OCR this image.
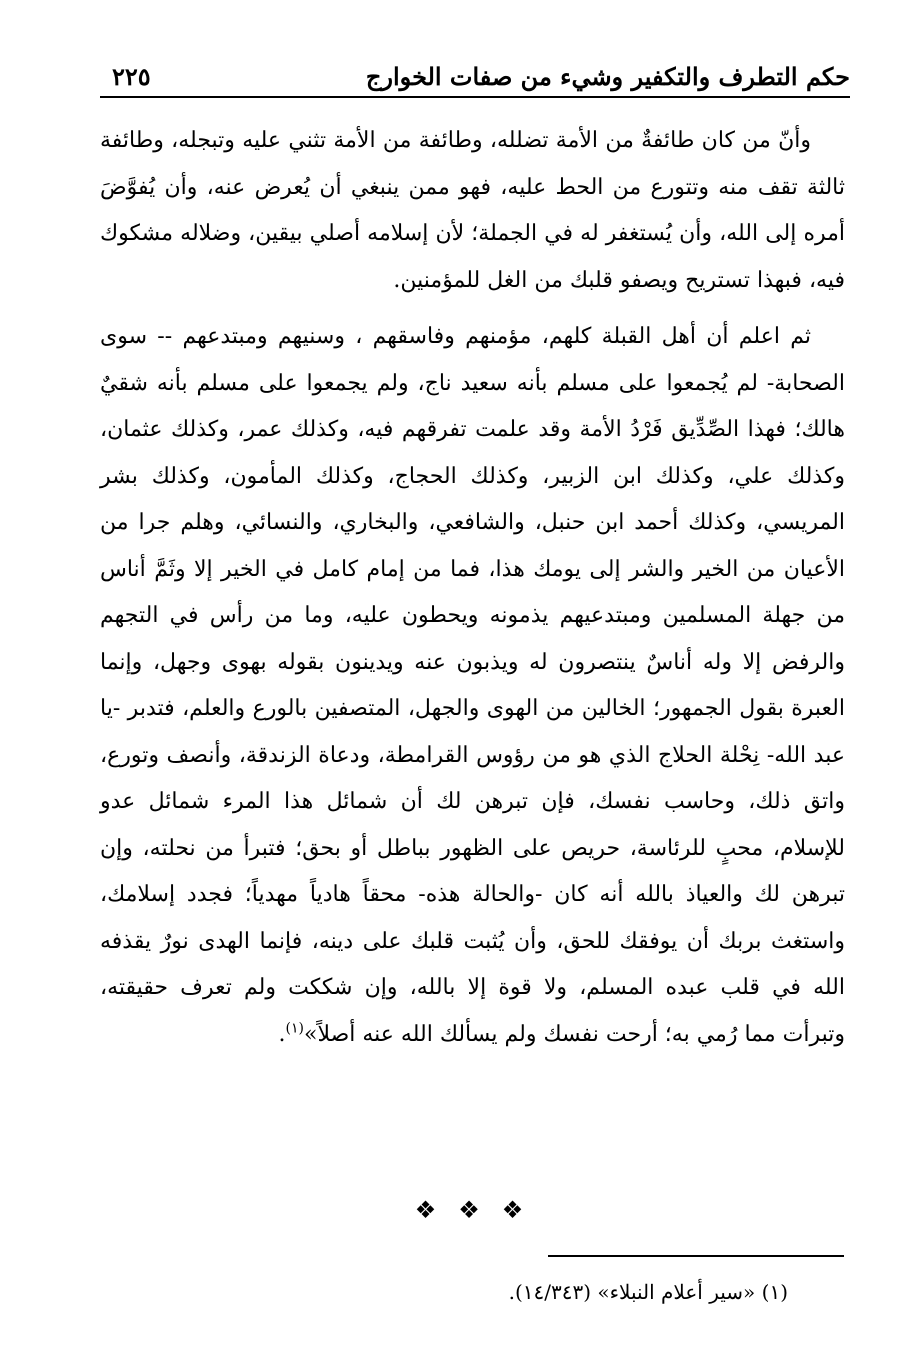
حكم التطرف والتكفير وشيء من صفات الخوارج
٢٢٥

وأنّ من كان طائفةٌ من الأمة تضلله، وطائفة من الأمة تثني عليه وتبجله، وطائفة ثالثة تقف منه وتتورع من الحط عليه، فهو ممن ينبغي أن يُعرض عنه، وأن يُفوَّضَ أمره إلى الله، وأن يُستغفر له في الجملة؛ لأن إسلامه أصلي بيقين، وضلاله مشكوك فيه، فبهذا تستريح ويصفو قلبك من الغل للمؤمنين.

ثم اعلم أن أهل القبلة كلهم، مؤمنهم وفاسقهم ، وسنيهم ومبتدعهم -- سوى الصحابة- لم يُجمعوا على مسلم بأنه سعيد ناج، ولم يجمعوا على مسلم بأنه شقيٌ هالك؛ فهذا الصِّدِّيق فَرْدُ الأمة وقد علمت تفرقهم فيه، وكذلك عمر، وكذلك عثمان، وكذلك علي، وكذلك ابن الزبير، وكذلك الحجاج، وكذلك المأمون، وكذلك بشر المريسي، وكذلك أحمد ابن حنبل، والشافعي، والبخاري، والنسائي، وهلم جرا من الأعيان من الخير والشر إلى يومك هذا، فما من إمام كامل في الخير إلا وثَمَّ أناس من جهلة المسلمين ومبتدعيهم يذمونه ويحطون عليه، وما من رأس في التجهم والرفض إلا وله أناسٌ ينتصرون له ويذبون عنه ويدينون بقوله بهوى وجهل، وإنما العبرة بقول الجمهور؛ الخالين من الهوى والجهل، المتصفين بالورع والعلم، فتدبر -يا عبد الله- نِحْلة الحلاج الذي هو من رؤوس القرامطة، ودعاة الزندقة، وأنصف وتورع، واتق ذلك، وحاسب نفسك، فإن تبرهن لك أن شمائل هذا المرء شمائل عدو للإسلام، محبٍ للرئاسة، حريص على الظهور بباطل أو بحق؛ فتبرأ من نحلته، وإن تبرهن لك والعياذ بالله أنه كان -والحالة هذه- محقاً هادياً مهدياً؛ فجدد إسلامك، واستغث بربك أن يوفقك للحق، وأن يُثبت قلبك على دينه، فإنما الهدى نورٌ يقذفه الله في قلب عبده المسلم، ولا قوة إلا بالله، وإن شككت ولم تعرف حقيقته، وتبرأت مما رُمي به؛ أرحت نفسك ولم يسألك الله عنه أصلاً»$^{(١)}$.

❖❖❖
(١) «سير أعلام النبلاء» (١٤/٣٤٣).
